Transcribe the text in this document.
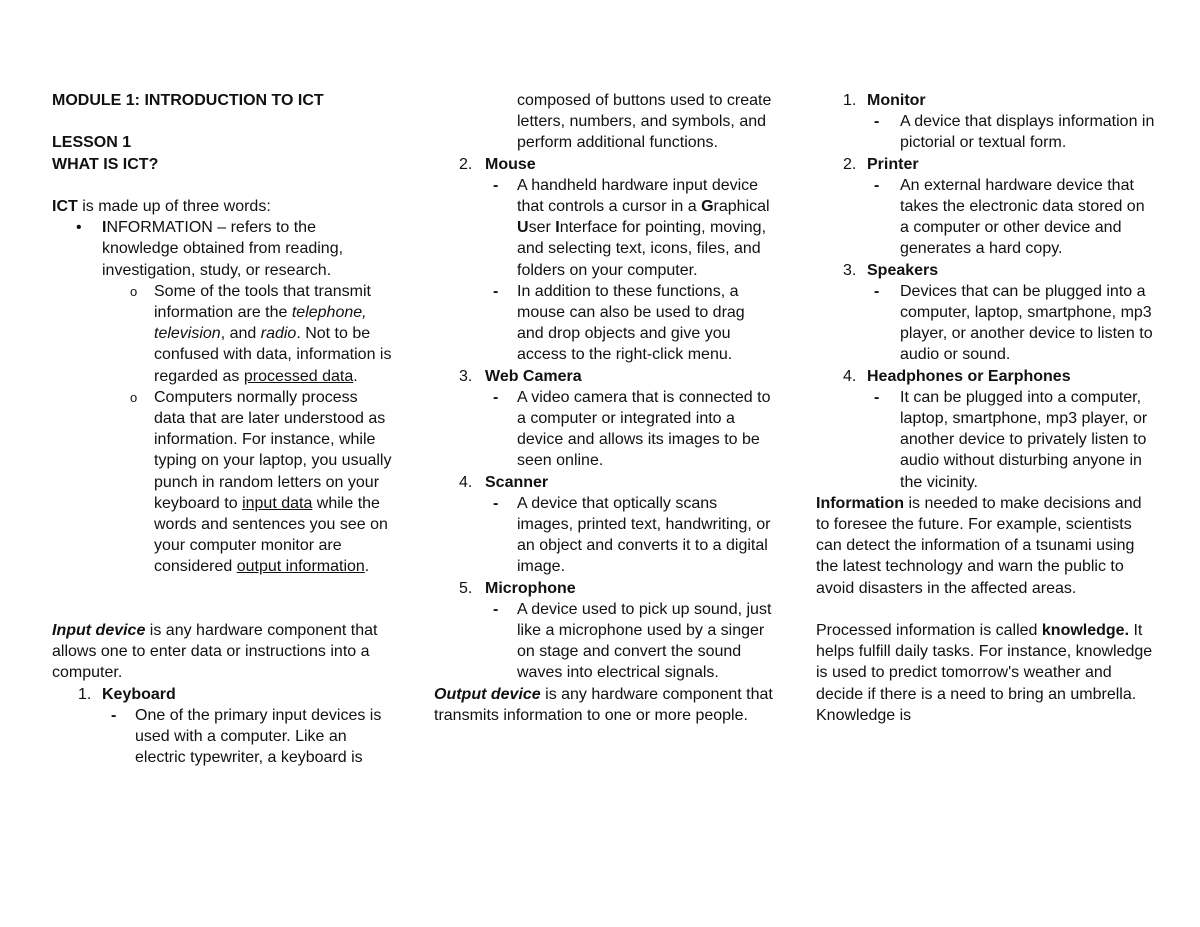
MODULE 1: INTRODUCTION TO ICT

LESSON 1

WHAT IS ICT?

ICT is made up of three words:

• INFORMATION – refers to the knowledge obtained from reading, investigation, study, or research.
o Some of the tools that transmit information are the telephone, television, and radio. Not to be confused with data, information is regarded as processed data.
o Computers normally process data that are later understood as information. For instance, while typing on your laptop, you usually punch in random letters on your keyboard to input data while the words and sentences you see on your computer monitor are considered output information.

Input device is any hardware component that allows one to enter data or instructions into a computer.

1. Keyboard
- One of the primary input devices is used with a computer. Like an electric typewriter, a keyboard is
composed of buttons used to create letters, numbers, and symbols, and perform additional functions.
2. Mouse
- A handheld hardware input device that controls a cursor in a Graphical User Interface for pointing, moving, and selecting text, icons, files, and folders on your computer.
- In addition to these functions, a mouse can also be used to drag and drop objects and give you access to the right-click menu.
3. Web Camera
- A video camera that is connected to a computer or integrated into a device and allows its images to be seen online.
4. Scanner
- A device that optically scans images, printed text, handwriting, or an object and converts it to a digital image.
5. Microphone
- A device used to pick up sound, just like a microphone used by a singer on stage and convert the sound waves into electrical signals.

Output device is any hardware component that transmits information to one or more people.

1. Monitor
- A device that displays information in pictorial or textual form.
2. Printer
- An external hardware device that takes the electronic data stored on a computer or other device and generates a hard copy.
3. Speakers
- Devices that can be plugged into a computer, laptop, smartphone, mp3 player, or another device to listen to audio or sound.
4. Headphones or Earphones
- It can be plugged into a computer, laptop, smartphone, mp3 player, or another device to privately listen to audio without disturbing anyone in the vicinity.

Information is needed to make decisions and to foresee the future. For example, scientists can detect the information of a tsunami using the latest technology and warn the public to avoid disasters in the affected areas.

Processed information is called knowledge. It helps fulfill daily tasks. For instance, knowledge is used to predict tomorrow's weather and decide if there is a need to bring an umbrella. Knowledge is
